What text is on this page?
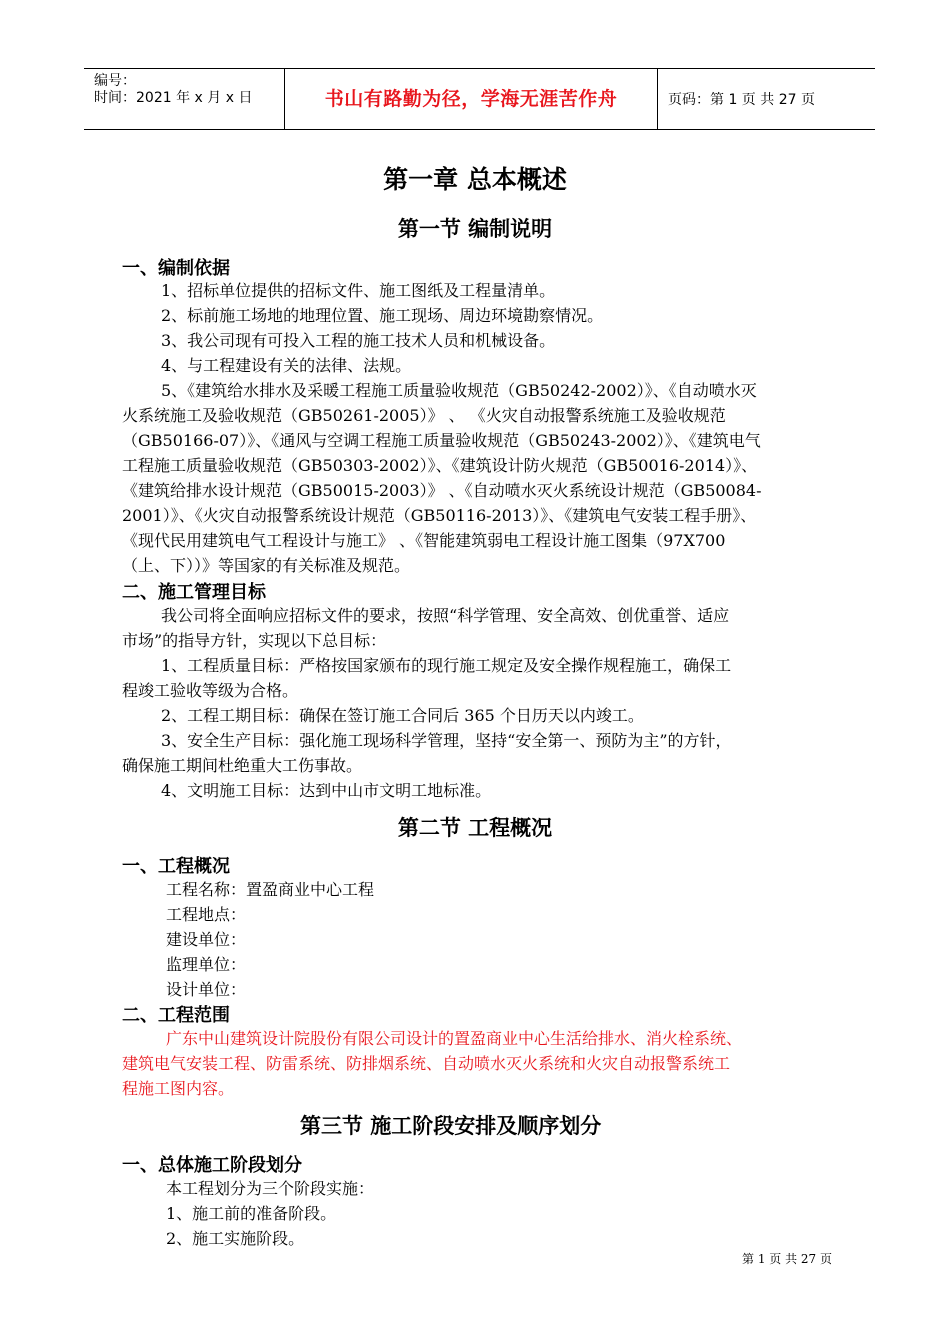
编号：
时间：2021 年 x 月 x 日	书山有路勤为径，学海无涯苦作舟	页码：第 1 页 共 27 页
第一章 总本概述
第一节 编制说明
一、编制依据
1、招标单位提供的招标文件、施工图纸及工程量清单。
2、标前施工场地的地理位置、施工现场、周边环境勘察情况。
3、我公司现有可投入工程的施工技术人员和机械设备。
4、与工程建设有关的法律、法规。
5、《建筑给水排水及采暖工程施工质量验收规范（GB50242-2002）》、《自动喷水灭
火系统施工及验收规范（GB50261-2005）》 、 《火灾自动报警系统施工及验收规范
（GB50166-07）》、《通风与空调工程施工质量验收规范（GB50243-2002）》、《建筑电气
工程施工质量验收规范（GB50303-2002）》、《建筑设计防火规范（GB50016-2014）》、
《建筑给排水设计规范（GB50015-2003）》 、《自动喷水灭火系统设计规范（GB50084-
2001）》、《火灾自动报警系统设计规范（GB50116-2013）》、《建筑电气安装工程手册》、
《现代民用建筑电气工程设计与施工》 、《智能建筑弱电工程设计施工图集（97X700
（上、下））》等国家的有关标准及规范。
二、施工管理目标
我公司将全面响应招标文件的要求，按照“科学管理、安全高效、创优重誉、适应
市场”的指导方针，实现以下总目标：
1、工程质量目标：严格按国家颁布的现行施工规定及安全操作规程施工，确保工
程竣工验收等级为合格。
2、工程工期目标：确保在签订施工合同后 365 个日历天以内竣工。
3、安全生产目标：强化施工现场科学管理，坚持“安全第一、预防为主”的方针，
确保施工期间杜绝重大工伤事故。
4、文明施工目标：达到中山市文明工地标准。
第二节 工程概况
一、工程概况
工程名称：置盈商业中心工程
工程地点：
建设单位：
监理单位：
设计单位：
二、工程范围
广东中山建筑设计院股份有限公司设计的置盈商业中心生活给排水、消火栓系统、
建筑电气安装工程、防雷系统、防排烟系统、自动喷水灭火系统和火灾自动报警系统工
程施工图内容。
第三节 施工阶段安排及顺序划分
一、总体施工阶段划分
本工程划分为三个阶段实施：
1、施工前的准备阶段。
2、施工实施阶段。
第 1 页 共 27 页
